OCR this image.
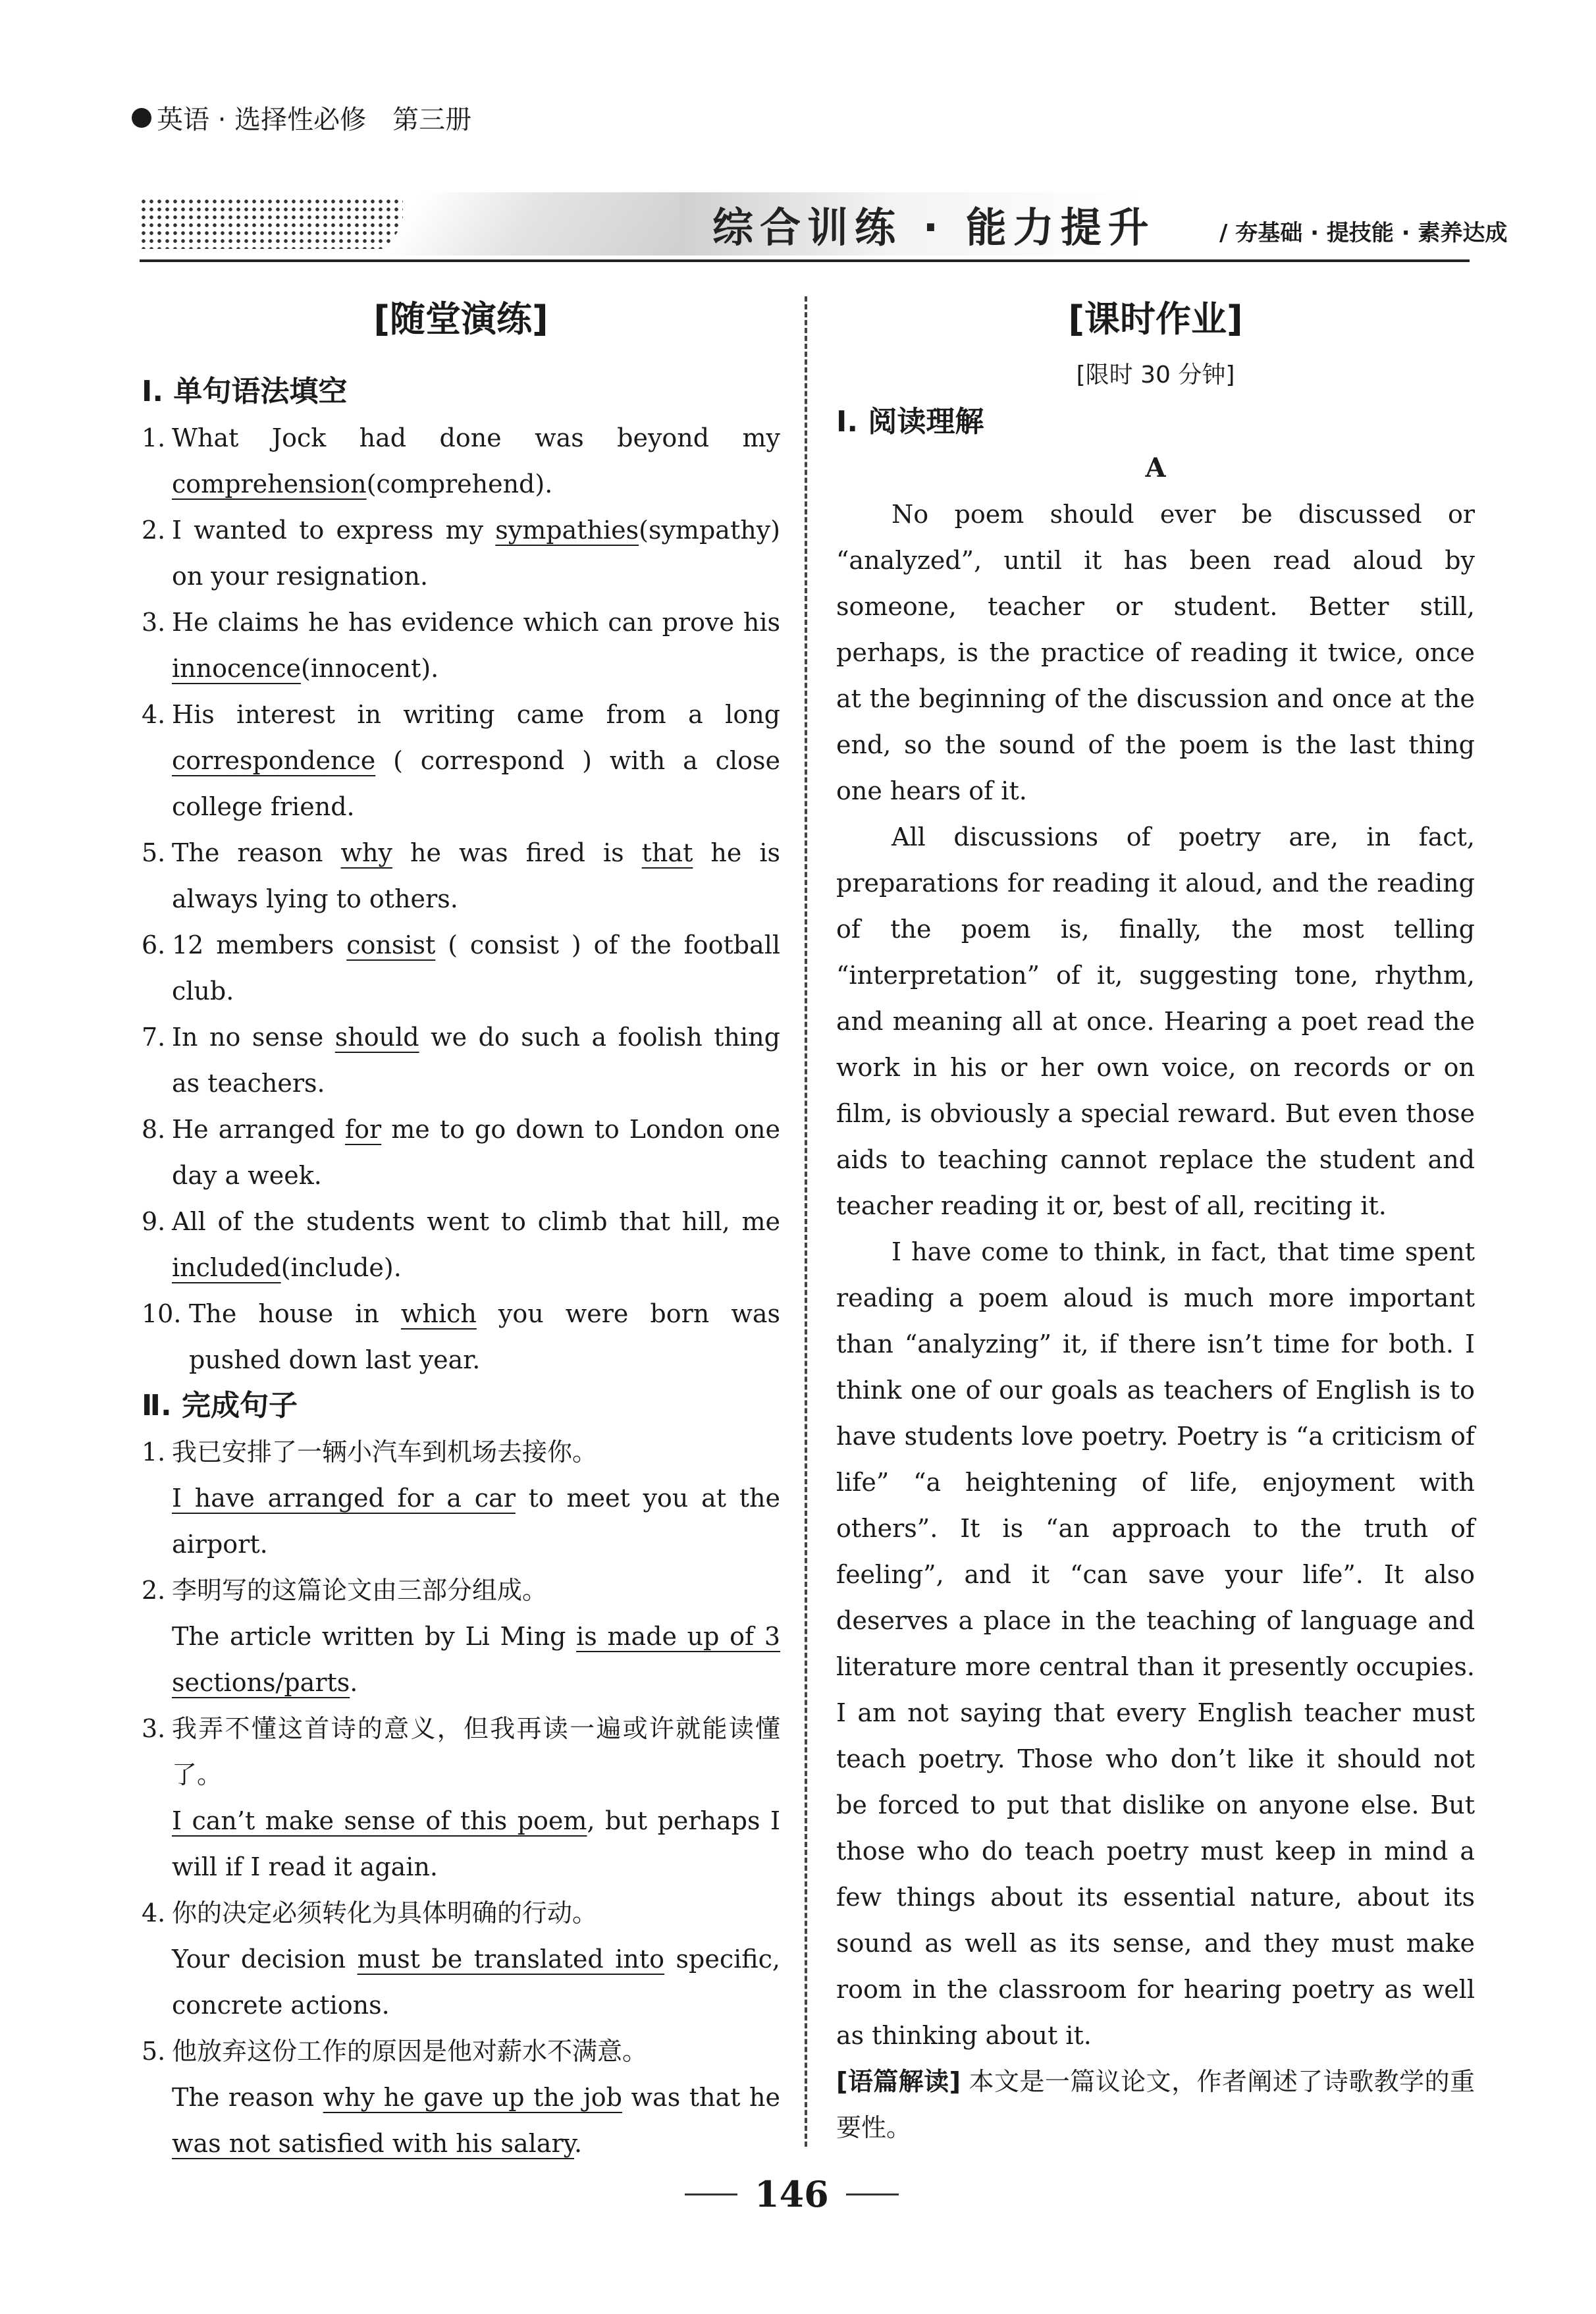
英语 · 选择性必修　第三册
综合训练 · 能力提升	/ 夯基础 · 提技能 · 素养达成
[随堂演练]
Ⅰ. 单句语法填空
1. What Jock had done was beyond my comprehension(comprehend).
2. I wanted to express my sympathies(sympathy) on your resignation.
3. He claims he has evidence which can prove his innocence(innocent).
4. His interest in writing came from a long correspondence ( correspond ) with a close college friend.
5. The reason why he was fired is that he is always lying to others.
6. 12 members consist ( consist ) of the football club.
7. In no sense should we do such a foolish thing as teachers.
8. He arranged for me to go down to London one day a week.
9. All of the students went to climb that hill, me included(include).
10. The house in which you were born was pushed down last year.
Ⅱ. 完成句子
1. 我已安排了一辆小汽车到机场去接你。
I have arranged for a car to meet you at the airport.
2. 李明写的这篇论文由三部分组成。
The article written by Li Ming is made up of 3 sections/parts.
3. 我弄不懂这首诗的意义，但我再读一遍或许就能读懂了。
I can’t make sense of this poem, but perhaps I will if I read it again.
4. 你的决定必须转化为具体明确的行动。
Your decision must be translated into specific, concrete actions.
5. 他放弃这份工作的原因是他对薪水不满意。
The reason why he gave up the job was that he was not satisfied with his salary.
[课时作业]
[限时 30 分钟]
Ⅰ. 阅读理解
A

No poem should ever be discussed or “analyzed”, until it has been read aloud by someone, teacher or student. Better still, perhaps, is the practice of reading it twice, once at the beginning of the discussion and once at the end, so the sound of the poem is the last thing one hears of it.

All discussions of poetry are, in fact, preparations for reading it aloud, and the reading of the poem is, finally, the most telling “interpretation” of it, suggesting tone, rhythm, and meaning all at once. Hearing a poet read the work in his or her own voice, on records or on film, is obviously a special reward. But even those aids to teaching cannot replace the student and teacher reading it or, best of all, reciting it.

I have come to think, in fact, that time spent reading a poem aloud is much more important than “analyzing” it, if there isn’t time for both. I think one of our goals as teachers of English is to have students love poetry. Poetry is “a criticism of life” “a heightening of life, enjoyment with others”. It is “an approach to the truth of feeling”, and it “can save your life”. It also deserves a place in the teaching of language and literature more central than it presently occupies. I am not saying that every English teacher must teach poetry. Those who don’t like it should not be forced to put that dislike on anyone else. But those who do teach poetry must keep in mind a few things about its essential nature, about its sound as well as its sense, and they must make room in the classroom for hearing poetry as well as thinking about it.

[语篇解读] 本文是一篇议论文，作者阐述了诗歌教学的重要性。
146
